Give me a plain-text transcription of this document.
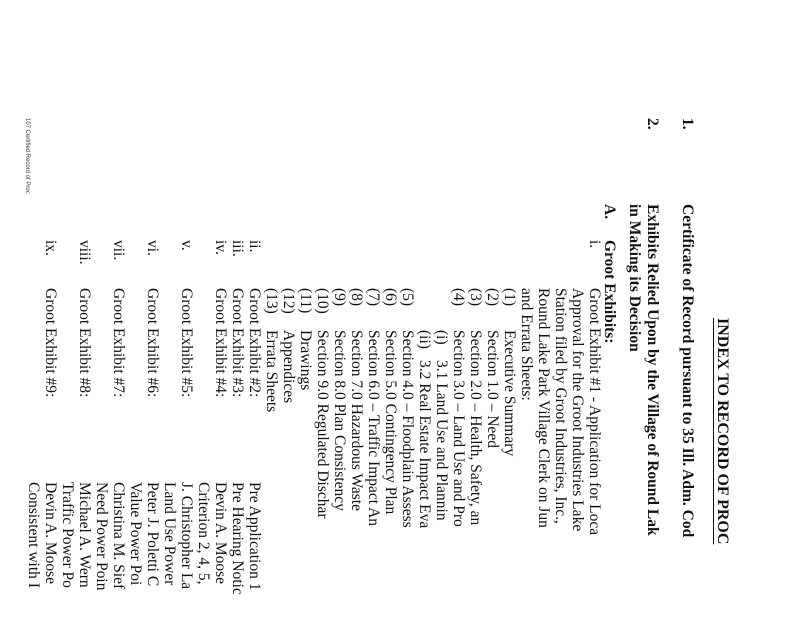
INDEX TO RECORD OF PROC
107 Certified Record of Proc	1.
Certificate of Record pursuant to 35 Ill. Adm. Cod
2.
Exhibits Relied Upon by the Village of Round Lak
in Making its Decision
A.
Groot Exhibits:
i.
Groot Exhibit #1 - Application for Loca
Approval for the Groot Industries Lake
Station filed by Groot Industries, Inc.,
Round Lake Park Village Clerk on Jun
and Errata Sheets:
(1)
Executive Summary
(2)
Section 1.0 – Need
(3)
Section 2.0 – Health, Safety, an
(4)
Section 3.0 – Land Use and Pro
(i)
3.1 Land Use and Plannin
(ii)
3.2 Real Estate Impact Eva
(5)
Section 4.0 – Floodplain Assess
(6)
Section 5.0 Contingency Plan
(7)
Section 6.0 – Traffic Impact An
(8)
Section 7.0 Hazardous Waste
(9)
Section 8.0 Plan Consistency
(10)
Section 9.0 Regulated Dischar
(11)
Drawings
(12)
Appendices
(13)
Errata Sheets
ii.
Groot Exhibit #2:
Pre Application 1
iii.
Groot Exhibit #3:
Pre Hearing Notic
iv.
Groot Exhibit #4:
Devin A. Moose
Criterion 2, 4, 5,
v.
Groot Exhibit #5:
J. Christopher La
Land Use Power
vi.
Groot Exhibit #6:
Peter J. Poletti C
Value Power Poi
vii.
Groot Exhibit #7:
Christina M. Sief
Need Power Poin
viii.
Groot Exhibit #8:
Michael A. Wern
Traffic Power Po
ix.
Groot Exhibit #9:
Devin A. Moose
Consistent with I
